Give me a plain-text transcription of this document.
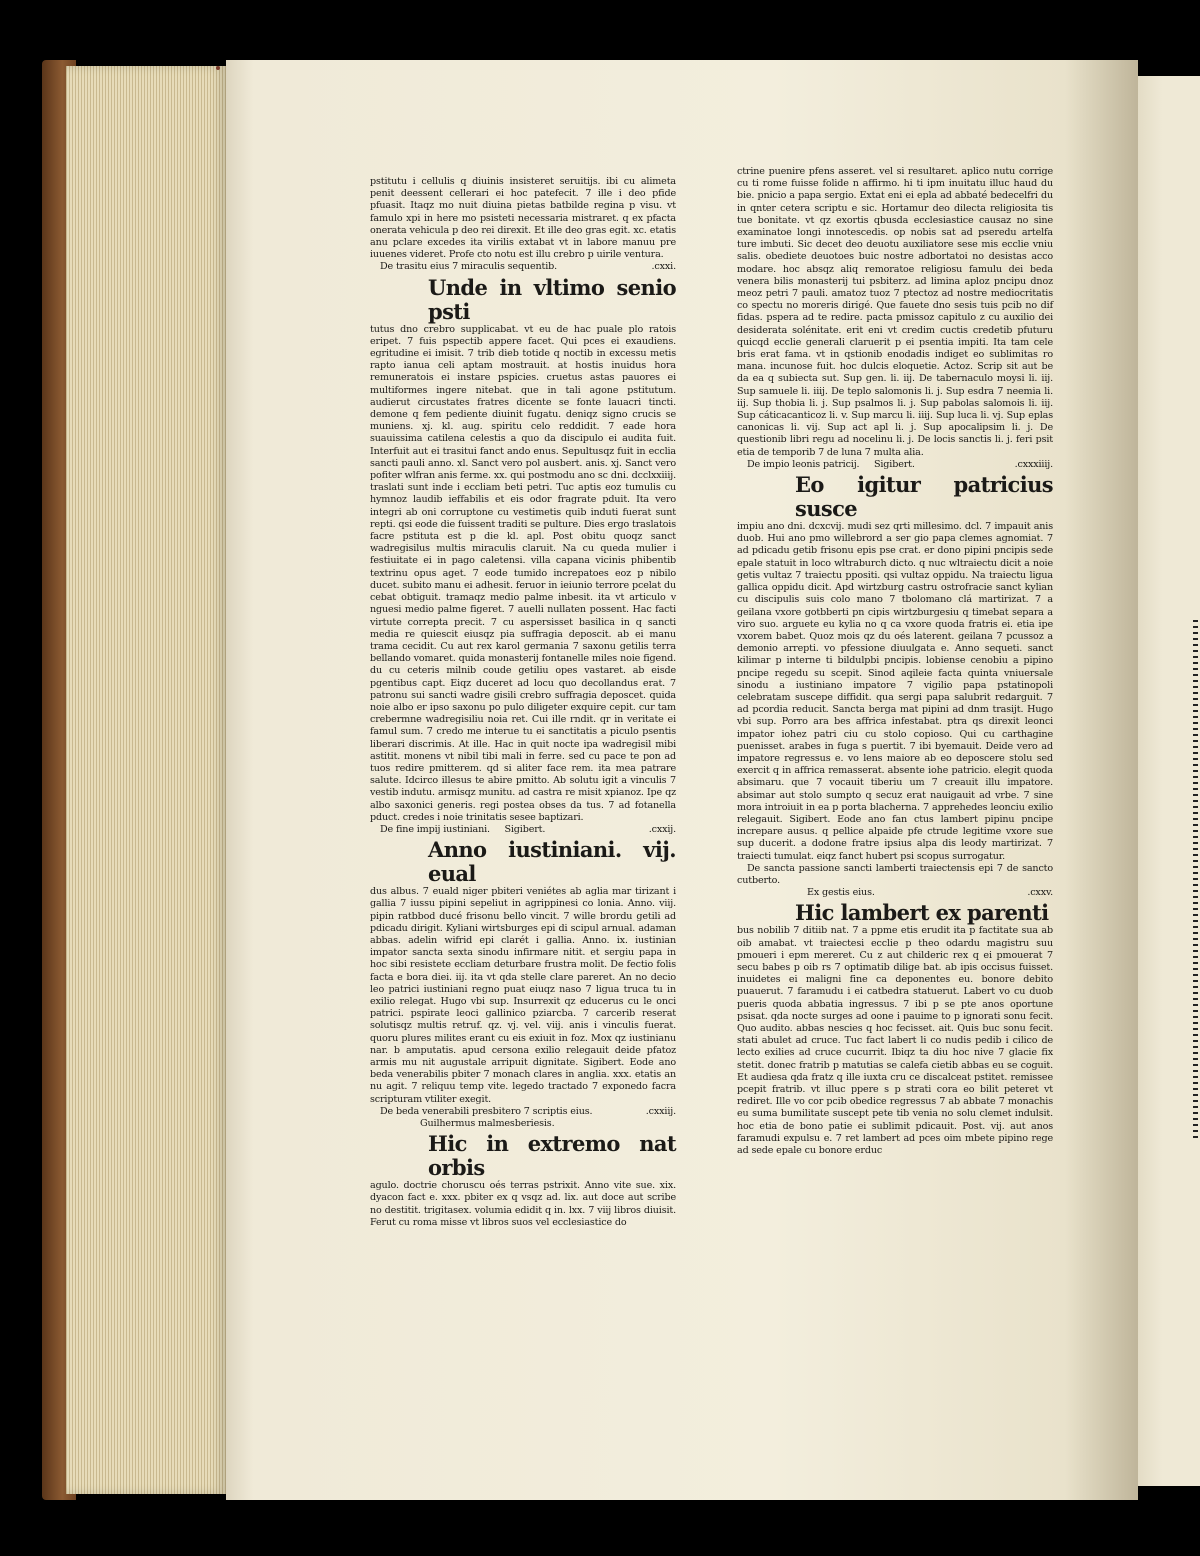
pstitutu i cellulis q diuinis insisteret seruitijs. ibi cu alimeta penit deessent cellerari ei hoc patefecit. 7 ille i deo pfide pfuasit. Itaqz mo nuit diuina pietas batbilde regina p visu. vt famulo xpi in here mo psisteti necessaria mistraret. q ex pfacta onerata vehicula p deo rei direxit. Et ille deo gras egit. xc. etatis anu pclare excedes ita virilis extabat vt in labore manuu pre iuuenes videret. Profe cto notu est illu crebro p uirile ventura.

De trasitu eius 7 miraculis sequentib.	.cxxi.

Unde in vltimo senio psti

tutus dno crebro supplicabat. vt eu de hac puale plo ratois eripet. 7 fuis pspectib appere facet. Qui pces ei exaudiens. egritudine ei imisit. 7 trib dieb totide q noctib in excessu metis rapto ianua celi aptam mostrauit. at hostis inuidus hora remuneratois ei instare pspicies. cruetus astas pauores ei multiformes ingere nitebat. que in tali agone pstitutum. audierut circustates fratres dicente se fonte lauacri tincti. demone q fem pediente diuinit fugatu. deniqz signo crucis se muniens. xj. kl. aug. spiritu celo reddidit. 7 eade hora suauissima catilena celestis a quo da discipulo ei audita fuit. Interfuit aut ei trasitui fanct ando enus. Sepultusqz fuit in ecclia sancti pauli anno. xl. Sanct vero pol ausbert. anis. xj. Sanct vero pofiter wlfran anis ferme. xx. qui postmodu ano sc dni. dcclxxiiij. traslati sunt inde i eccliam beti petri. Tuc aptis eoz tumulis cu hymnoz laudib ieffabilis et eis odor fragrate pduit. Ita vero integri ab oni corruptone cu vestimetis quib induti fuerat sunt repti. qsi eode die fuissent traditi se pulture. Dies ergo traslatois facre pstituta est p die kl. apl. Post obitu quoqz sanct wadregisilus multis miraculis claruit. Na cu queda mulier i festiuitate ei in pago caletensi. villa capana vicinis phibentib textrinu opus aget. 7 eode tumido increpatoes eoz p nibilo ducet. subito manu ei adhesit. feruor in ieiunio terrore pcelat du cebat obtiguit. tramaqz medio palme inbesit. ita vt articulo v nguesi medio palme figeret. 7 auelli nullaten possent. Hac facti virtute correpta precit. 7 cu aspersisset basilica in q sancti media re quiescit eiusqz pia suffragia deposcit. ab ei manu trama cecidit. Cu aut rex karol germania 7 saxonu getilis terra bellando vomaret. quida monasterij fontanelle miles noie figend. du cu ceteris milnib coude getiliu opes vastaret. ab eisde pgentibus capt. Eiqz duceret ad locu quo decollandus erat. 7 patronu sui sancti wadre gisili crebro suffragia deposcet. quida noie albo er ipso saxonu po pulo diligeter exquire cepit. cur tam crebermne wadregisiliu noia ret. Cui ille rndit. qr in veritate ei famul sum. 7 credo me interue tu ei sanctitatis a piculo psentis liberari discrimis. At ille. Hac in quit nocte ipa wadregisil mibi astitit. monens vt nibil tibi mali in ferre. sed cu pace te pon ad tuos redire pmitterem. qd si aliter face rem. ita mea patrare salute. Idcirco illesus te abire pmitto. Ab solutu igit a vinculis 7 vestib indutu. armisqz munitu. ad castra re misit xpianoz. Ipe qz albo saxonici generis. regi postea obses da tus. 7 ad fotanella pduct. credes i noie trinitatis sesee baptizari.

De fine impij iustiniani. Sigibert.	.cxxij.

Anno iustiniani. vij. eual

dus albus. 7 euald niger pbiteri veniétes ab aglia mar tirizant i gallia 7 iussu pipini sepeliut in agrippinesi co lonia. Anno. viij. pipin ratbbod ducé frisonu bello vincit. 7 wille brordu getili ad pdicadu dirigit. Kyliani wirtsburges epi di scipul arnual. adaman abbas. adelin wifrid epi clarét i gallia. Anno. ix. iustinian impator sancta sexta sinodu infirmare nitit. et sergiu papa in hoc sibi resistete eccliam deturbare frustra molit. De fectio folis facta e bora diei. iij. ita vt qda stelle clare pareret. An no decio leo patrici iustiniani regno puat eiuqz naso 7 ligua truca tu in exilio relegat. Hugo vbi sup. Insurrexit qz educerus cu le onci patrici. pspirate leoci gallinico pziarcba. 7 carcerib reserat solutisqz multis retruf. qz. vj. vel. viij. anis i vinculis fuerat. quoru plures milites erant cu eis exiuit in foz. Mox qz iustinianu nar. b amputatis. apud cersona exilio relegauit deide pfatoz armis mu nit augustale arripuit dignitate. Sigibert. Eode ano beda venerabilis pbiter 7 monach clares in anglia. xxx. etatis an nu agit. 7 reliquu temp vite. legedo tractado 7 exponedo facra scripturam vtiliter exegit.

De beda venerabili presbitero 7 scriptis eius.	.cxxiij.

Guilhermus malmesberiesis.

Hic in extremo nat orbis

agulo. doctrie choruscu oés terras pstrixit. Anno vite sue. xix. dyacon fact e. xxx. pbiter ex q vsqz ad. lix. aut doce aut scribe no destitit. trigitasex. volumia edidit q in. lxx. 7 viij libros diuisit. Ferut cu roma misse vt libros suos vel ecclesiastice do

ctrine puenire pfens asseret. vel si resultaret. aplico nutu corrige cu ti rome fuisse folide n affirmo. hi ti ipm inuitatu illuc haud du bie. pnicio a papa sergio. Extat eni ei epla ad abbaté bedecelfri du in qnter cetera scriptu e sic. Hortamur deo dilecta religiosita tis tue bonitate. vt qz exortis qbusda ecclesiastice causaz no sine examinatoe longi innotescedis. op nobis sat ad pseredu artelfa ture imbuti. Sic decet deo deuotu auxiliatore sese mis ecclie vniu salis. obediete deuotoes buic nostre adbortatoi no desistas acco modare. hoc absqz aliq remoratoe religiosu famulu dei beda venera bilis monasterij tui psbiterz. ad limina aploz pncipu dnoz meoz petri 7 pauli. amatoz tuoz 7 ptectoz ad nostre mediocritatis co spectu no moreris dirigé. Que fauete dno sesis tuis pcib no dif fidas. pspera ad te redire. pacta pmissoz capitulo z cu auxilio dei desiderata solénitate. erit eni vt credim cuctis credetib pfuturu quicqd ecclie generali claruerit p ei psentia impiti. Ita tam cele bris erat fama. vt in qstionib enodadis indiget eo sublimitas ro mana. incunose fuit. hoc dulcis eloquetie. Actoz. Scrip sit aut be da ea q subiecta sut. Sup gen. li. iij. De tabernaculo moysi li. iij. Sup samuele li. iiij. De teplo salomonis li. j. Sup esdra 7 neemia li. iij. Sup thobia li. j. Sup psalmos li. j. Sup pabolas salomois li. iij. Sup cáticacanticoz li. v. Sup marcu li. iiij. Sup luca li. vj. Sup eplas canonicas li. vij. Sup act apl li. j. Sup apocalipsim li. j. De questionib libri regu ad nocelinu li. j. De locis sanctis li. j. feri psit etia de temporib 7 de luna 7 multa alia.

De impio leonis patricij. Sigibert.	.cxxxiiij.

Eo igitur patricius susce

impiu ano dni. dcxcvij. mudi sez qrti millesimo. dcl. 7 impauit anis duob. Hui ano pmo willebrord a ser gio papa clemes agnomiat. 7 ad pdicadu getib frisonu epis pse crat. er dono pipini pncipis sede epale statuit in loco wltraburch dicto. q nuc wltraiectu dicit a noie getis vultaz 7 traiectu ppositi. qsi vultaz oppidu. Na traiectu ligua gallica oppidu dicit. Apd wirtzburg castru ostrofracie sanct kylian cu discipulis suis colo mano 7 tbolomano clá martirizat. 7 a geilana vxore gotbberti pn cipis wirtzburgesiu q timebat separa a viro suo. arguete eu kylia no q ca vxore quoda fratris ei. etia ipe vxorem babet. Quoz mois qz du oés laterent. geilana 7 pcussoz a demonio arrepti. vo pfessione diuulgata e. Anno sequeti. sanct kilimar p interne ti bildulpbi pncipis. lobiense cenobiu a pipino pncipe regedu su scepit. Sinod aqileie facta quinta vniuersale sinodu a iustiniano impatore 7 vigilio papa pstatinopoli celebratam suscepe diffidit. qua sergi papa salubrit redarguit. 7 ad pcordia reducit. Sancta berga mat pipini ad dnm trasijt. Hugo vbi sup. Porro ara bes affrica infestabat. ptra qs direxit leonci impator iohez patri ciu cu stolo copioso. Qui cu carthagine puenisset. arabes in fuga s puertit. 7 ibi byemauit. Deide vero ad impatore regressus e. vo lens maiore ab eo deposcere stolu sed exercit q in affrica remasserat. absente iohe patricio. elegit quoda absimaru. que 7 vocauit tiberiu um 7 creauit illu impatore. absimar aut stolo sumpto q secuz erat nauigauit ad vrbe. 7 sine mora introiuit in ea p porta blacherna. 7 apprehedes leonciu exilio relegauit. Sigibert. Eode ano fan ctus lambert pipinu pncipe increpare ausus. q pellice alpaide pfe ctrude legitime vxore sue sup ducerit. a dodone fratre ipsius alpa dis leody martirizat. 7 traiecti tumulat. eiqz fanct hubert psi scopus surrogatur.

De sancta passione sancti lamberti traiectensis epi 7 de sancto cutberto.

Ex gestis eius.	.cxxv.

Hic lambert ex parenti

bus nobilib 7 ditiib nat. 7 a ppme etis erudit ita p factitate sua ab oib amabat. vt traiectesi ecclie p theo odardu magistru suu pmoueri i epm mereret. Cu z aut childeric rex q ei pmouerat 7 secu babes p oib rs 7 optimatib dilige bat. ab ipis occisus fuisset. inuidetes ei maligni fine ca deponentes eu. bonore debito puauerut. 7 faramudu i ei catbedra statuerut. Labert vo cu duob pueris quoda abbatia ingressus. 7 ibi p se pte anos oportune psisat. qda nocte surges ad oone i pauime to p ignorati sonu fecit. Quo audito. abbas nescies q hoc fecisset. ait. Quis buc sonu fecit. stati abulet ad cruce. Tuc fact labert li co nudis pedib i cilico de lecto exilies ad cruce cucurrit. Ibiqz ta diu hoc nive 7 glacie fix stetit. donec fratrib p matutias se calefa cietib abbas eu se coguit. Et audiesa qda fratz q ille iuxta cru ce discalceat pstitet. remissee pcepit fratrib. vt illuc ppere s p strati cora eo bilit peteret vt rediret. Ille vo cor pcib obedice regressus 7 ab abbate 7 monachis eu suma bumilitate suscept pete tib venia no solu clemet indulsit. hoc etia de bono patie ei sublimit pdicauit. Post. vij. aut anos faramudi expulsu e. 7 ret lambert ad pces oim mbete pipino rege ad sede epale cu bonore erduc
